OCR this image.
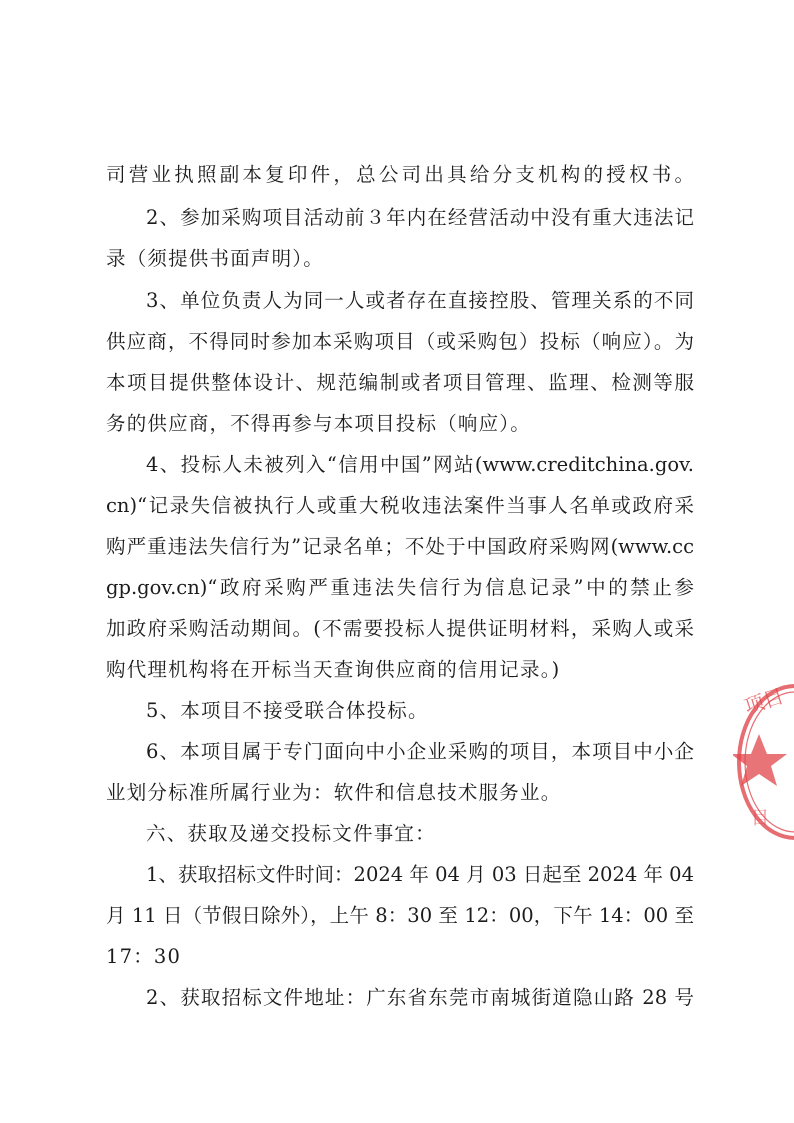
司营业执照副本复印件，总公司出具给分支机构的授权书。
2、参加采购项目活动前３年内在经营活动中没有重大违法记
录（须提供书面声明）。
3、单位负责人为同一人或者存在直接控股、管理关系的不同
供应商，不得同时参加本采购项目（或采购包）投标（响应）。为
本项目提供整体设计、规范编制或者项目管理、监理、检测等服
务的供应商，不得再参与本项目投标（响应）。
4、投标人未被列入“信用中国”网站(www.creditchina.gov.
cn)“记录失信被执行人或重大税收违法案件当事人名单或政府采
购严重违法失信行为”记录名单；不处于中国政府采购网(www.cc
gp.gov.cn)“政府采购严重违法失信行为信息记录”中的禁止参
加政府采购活动期间。(不需要投标人提供证明材料，采购人或采
购代理机构将在开标当天查询供应商的信用记录。)
5、本项目不接受联合体投标。
6、本项目属于专门面向中小企业采购的项目，本项目中小企
业划分标准所属行业为：软件和信息技术服务业。
六、获取及递交投标文件事宜：
1、获取招标文件时间：2024 年 04 月 03 日起至 2024 年 04
月 11 日（节假日除外），上午 8：30 至 12：00，下午 14：00 至
17：30
2、获取招标文件地址：广东省东莞市南城街道隐山路 28 号
项目
目
